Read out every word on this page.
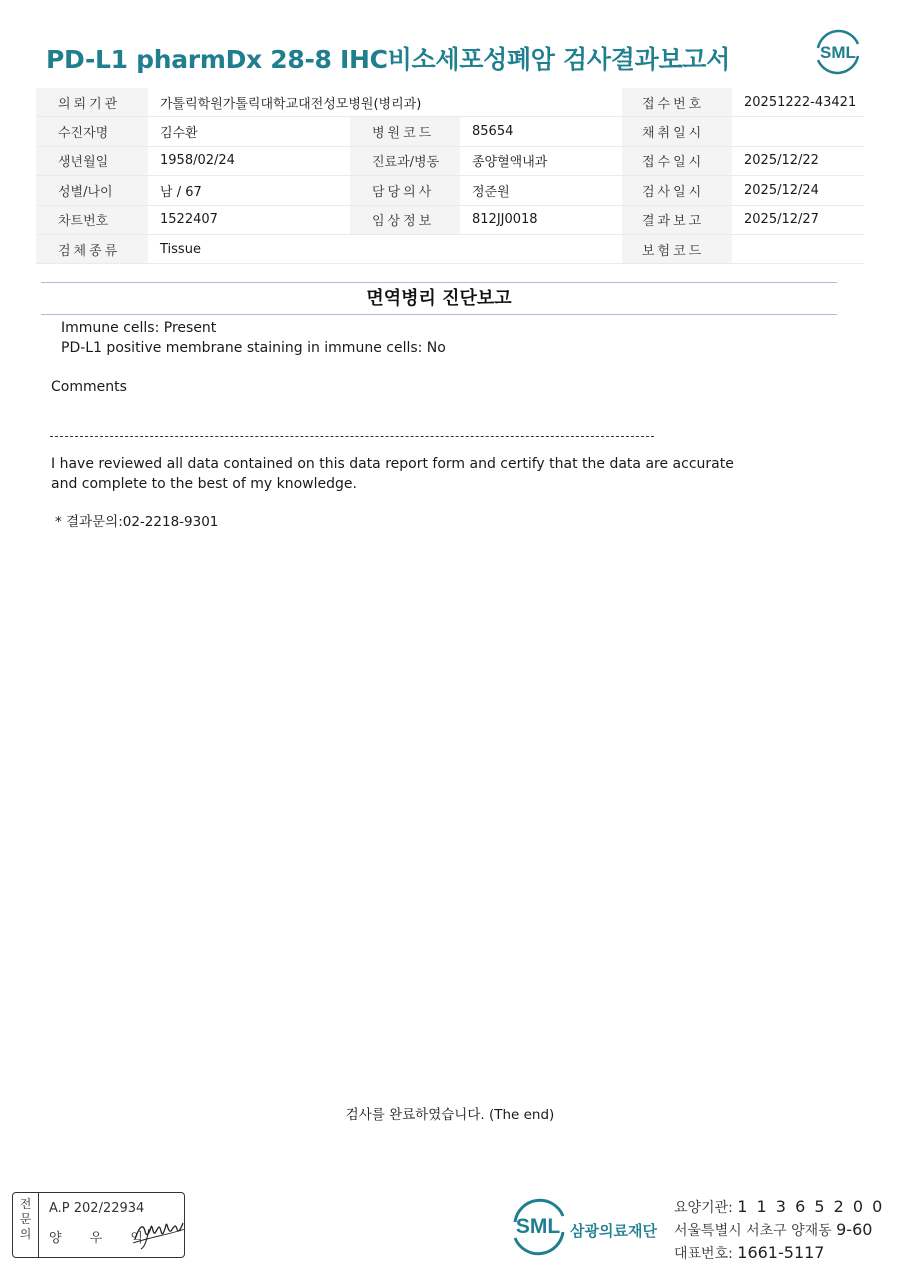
PD-L1 pharmDx 28-8 IHC비소세포성폐암 검사결과보고서	SML
의뢰기관	가톨릭학원가톨릭대학교대전성모병원(병리과)			접수번호	20251222-43421
수진자명	김수환	병원코드	85654	채취일시	
생년월일	1958/02/24	진료과/병동	종양혈액내과	접수일시	2025/12/22
성별/나이	남 / 67	담당의사	정준원	검사일시	2025/12/24
차트번호	1522407	임상정보	812JJ0018	결과보고	2025/12/27
검체종류	Tissue			보험코드	
면역병리 진단보고
Immune cells: Present
PD-L1 positive membrane staining in immune cells: No
Comments
I have reviewed all data contained on this data report form and certify that the data are accurate
and complete to the best of my knowledge.
* 결과문의:02-2218-9301
검사를 완료하였습니다. (The end)
전
문
의
A.P 202/22934
양 우 익
SML 삼광의료재단
요양기관: 1 1 3 6 5 2 0 0
서울특별시 서초구 양재동 9-60
대표번호: 1661-5117
